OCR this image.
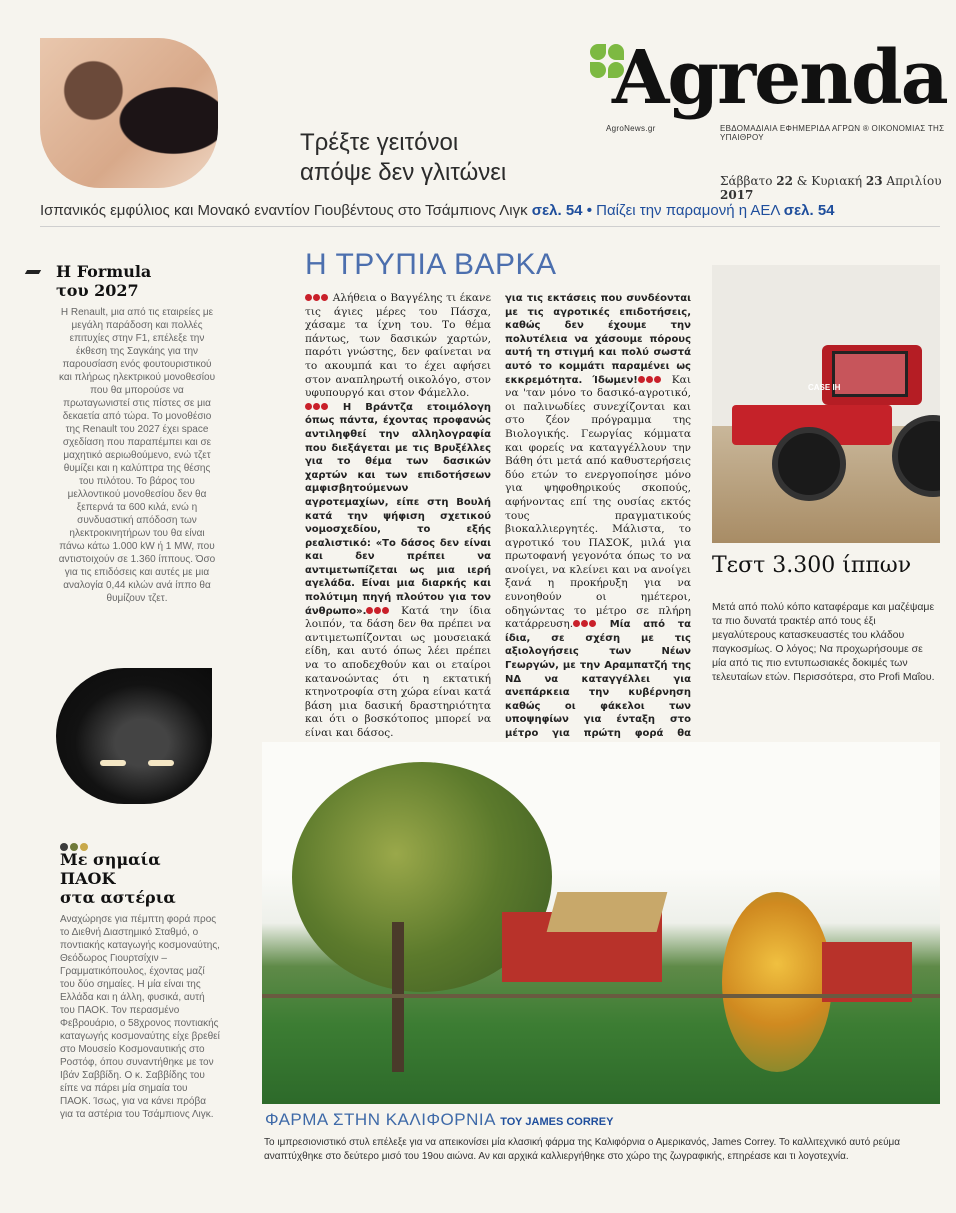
Τρέξτε γειτόνοι
απόψε δεν γλιτώνει
Agrenda
AgroNews.gr	ΕΒΔΟΜΑΔΙΑΙΑ ΕΦΗΜΕΡΙΔΑ ΑΓΡΩΝ ® ΟΙΚΟΝΟΜΙΑΣ ΤΗΣ ΥΠΑΙΘΡΟΥ
Σάββατο 22 & Κυριακή 23 Απριλίου 2017
Ισπανικός εμφύλιος και Μονακό εναντίον Γιουβέντους στο Τσάμπιονς Λιγκ σελ. 54 • Παίζει την παραμονή η ΑΕΛ σελ. 54
Η Formula
του 2027

Η Renault, μια από τις εταιρείες με μεγάλη παράδοση και πολλές επιτυχίες στην F1, επέλεξε την έκθεση της Σαγκάης για την παρουσίαση ενός φουτουριστικού και πλήρως ηλεκτρικού μονοθεσίου που θα μπορούσε να πρωταγωνιστεί στις πίστες σε μια δεκαετία από τώρα. Το μονοθέσιο της Renault του 2027 έχει space σχεδίαση που παραπέμπει και σε μαχητικό αεριωθούμενο, ενώ τζετ θυμίζει και η καλύπτρα της θέσης του πιλότου. Το βάρος του μελλοντικού μονοθεσίου δεν θα ξεπερνά τα 600 κιλά, ενώ η συνδυαστική απόδοση των ηλεκτροκινητήρων του θα είναι πάνω κάτω 1.000 kW ή 1 MW, που αντιστοιχούν σε 1.360 ίππους. Όσο για τις επιδόσεις και αυτές με μια αναλογία 0,44 κιλών ανά ίππο θα θυμίζουν τζετ.

Με σημαία ΠΑΟΚ
στα αστέρια

Αναχώρησε για πέμπτη φορά προς το Διεθνή Διαστημικό Σταθμό, ο ποντιακής καταγωγής κοσμοναύτης, Θεόδωρος Γιουρτσίχιν – Γραμματικόπουλος, έχοντας μαζί του δύο σημαίες. Η μία είναι της Ελλάδα και η άλλη, φυσικά, αυτή του ΠΑΟΚ. Τον περασμένο Φεβρουάριο, ο 58χρονος ποντιακής καταγωγής κοσμοναύτης είχε βρεθεί στο Μουσείο Κοσμοναυτικής στο Ροστόφ, όπου συναντήθηκε με τον Ιβάν Σαββίδη. Ο κ. Σαββίδης του είπε να πάρει μία σημαία του ΠΑΟΚ. Ίσως, για να κάνει πρόβα για τα αστέρια του Τσάμπιονς Λιγκ.

Η ΤΡΥΠΙΑ ΒΑΡΚΑ

Αλήθεια ο Βαγγέλης τι έκανε τις άγιες μέρες του Πάσχα, χάσαμε τα ίχνη του. Το θέμα πάντως, των δασικών χαρτών, παρότι γνώστης, δεν φαίνεται να το ακουμπά και το έχει αφήσει στον αναπληρωτή οικολόγο, στον υφυπουργό και στον Φάμελλο.

Η Βράντζα ετοιμόλογη όπως πάντα, έχοντας προφανώς αντιληφθεί την αλληλογραφία που διεξάγεται με τις Βρυξέλλες για το θέμα των δασικών χαρτών και των επιδοτήσεων αμφισβητούμενων αγροτεμαχίων, είπε στη Βουλή κατά την ψήφιση σχετικού νομοσχεδίου, το εξής ρεαλιστικό: «Το δάσος δεν είναι και δεν πρέπει να αντιμετωπίζεται ως μια ιερή αγελάδα. Είναι μια διαρκής και πολύτιμη πηγή πλούτου για τον άνθρωπο».	Κατά την ίδια λοιπόν, τα δάση δεν θα πρέπει να αντιμετωπίζονται ως μουσειακά είδη, και αυτό όπως λέει πρέπει να το αποδεχθούν και οι εταίροι κατανοώντας ότι η εκτατική κτηνοτροφία στη χώρα είναι κατά βάση μια δασική δραστηριότητα και ότι ο βοσκότοπος μπορεί να είναι και δάσος.

για τις εκτάσεις που συνδέονται με τις αγροτικές επιδοτήσεις, καθώς δεν έχουμε την πολυτέλεια να χάσουμε πόρους αυτή τη στιγμή και πολύ σωστά αυτό το κομμάτι παραμένει ως εκκρεμότητα. Ίδωμεν!	Και να 'ταν μόνο το δασικό-αγροτικό, οι παλινωδίες συνεχίζονται και στο ζέον πρόγραμμα της Βιολογικής. Γεωργίας κόμματα και φορείς να καταγγέλλουν την Βάθη ότι μετά από καθυστερήσεις δύο ετών το ενεργοποίησε μόνο για ψηφοθηρικούς σκοπούς, αφήνοντας επί της ουσίας εκτός τους πραγματικούς βιοκαλλιεργητές. Μάλιστα, το αγροτικό του ΠΑΣΟΚ, μιλά για πρωτοφανή γεγονότα όπως το να ανοίγει, να κλείνει και να ανοίγει ξανά η προκήρυξη για να ευνοηθούν οι ημέτεροι, οδηγώντας το μέτρο σε πλήρη κατάρρευση.	Μία από τα ίδια, σε σχέση με τις αξιολογήσεις των Νέων Γεωργών, με την Αραμπατζή της ΝΔ να καταγγέλλει για ανεπάρκεια την κυβέρνηση καθώς οι φάκελοι των υποψηφίων για ένταξη στο μέτρο για πρώτη φορά θα

CASE IH
Τεστ 3.300 ίππων
Μετά από πολύ κόπο καταφέραμε και μαζέψαμε τα πιο δυνατά τρακτέρ από τους έξι μεγαλύτερους κατασκευαστές του κλάδου παγκοσμίως. Ο λόγος; Να προχωρήσουμε σε μία από τις πιο εντυπωσιακές δοκιμές των τελευταίων ετών. Περισσότερα, στο Profi Μαΐου.
ΦΑΡΜΑ ΣΤΗΝ ΚΑΛΙΦΟΡΝΙΑ ΤΟΥ JAMES CORREY
Το ιμπρεσιονιστικό στυλ επέλεξε για να απεικονίσει μία κλασική φάρμα της Καλιφόρνια ο Αμερικανός, James Correy. Το καλλιτεχνικό αυτό ρεύμα αναπτύχθηκε στο δεύτερο μισό του 19ου αιώνα. Αν και αρχικά καλλιεργήθηκε στο χώρο της ζωγραφικής, επηρέασε και τι λογοτεχνία.
